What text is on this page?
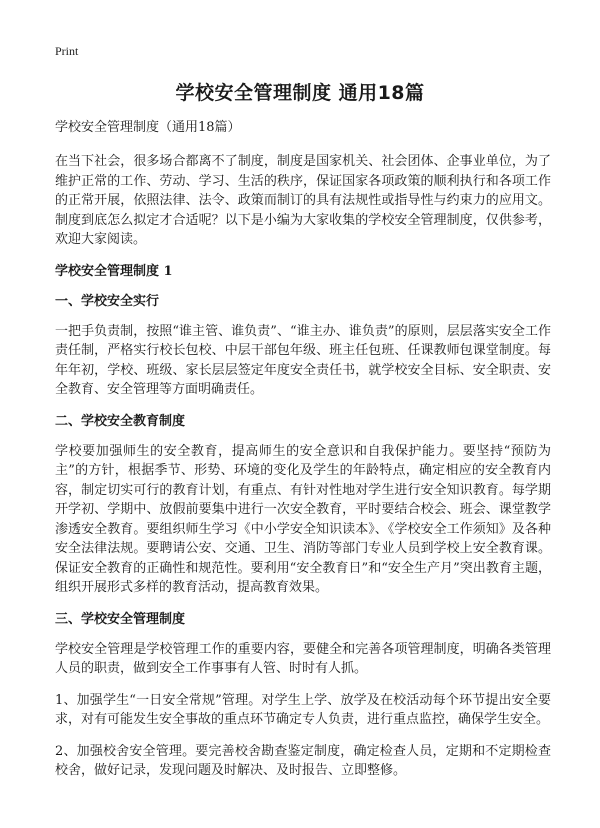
Print
学校安全管理制度 通用18篇
学校安全管理制度（通用18篇）

在当下社会，很多场合都离不了制度，制度是国家机关、社会团体、企事业单位，为了维护正常的工作、劳动、学习、生活的秩序，保证国家各项政策的顺利执行和各项工作的正常开展，依照法律、法令、政策而制订的具有法规性或指导性与约束力的应用文。制度到底怎么拟定才合适呢？以下是小编为大家收集的学校安全管理制度，仅供参考，欢迎大家阅读。

学校安全管理制度 1
一、学校安全实行

一把手负责制，按照“谁主管、谁负责”、“谁主办、谁负责”的原则，层层落实安全工作责任制，严格实行校长包校、中层干部包年级、班主任包班、任课教师包课堂制度。每年年初，学校、班级、家长层层签定年度安全责任书，就学校安全目标、安全职责、安全教育、安全管理等方面明确责任。

二、学校安全教育制度

学校要加强师生的安全教育，提高师生的安全意识和自我保护能力。要坚持“预防为主”的方针，根据季节、形势、环境的变化及学生的年龄特点，确定相应的安全教育内容，制定切实可行的教育计划，有重点、有针对性地对学生进行安全知识教育。每学期开学初、学期中、放假前要集中进行一次安全教育，平时要结合校会、班会、课堂教学渗透安全教育。要组织师生学习《中小学安全知识读本》、《学校安全工作须知》及各种安全法律法规。要聘请公安、交通、卫生、消防等部门专业人员到学校上安全教育课。保证安全教育的正确性和规范性。要利用“安全教育日”和“安全生产月”突出教育主题，组织开展形式多样的教育活动，提高教育效果。

三、学校安全管理制度

学校安全管理是学校管理工作的重要内容，要健全和完善各项管理制度，明确各类管理人员的职责，做到安全工作事事有人管、时时有人抓。

1、加强学生“一日安全常规”管理。对学生上学、放学及在校活动每个环节提出安全要求，对有可能发生安全事故的重点环节确定专人负责，进行重点监控，确保学生安全。

2、加强校舍安全管理。要完善校舍勘查鉴定制度，确定检查人员，定期和不定期检查校舍，做好记录，发现问题及时解决、及时报告、立即整修。
